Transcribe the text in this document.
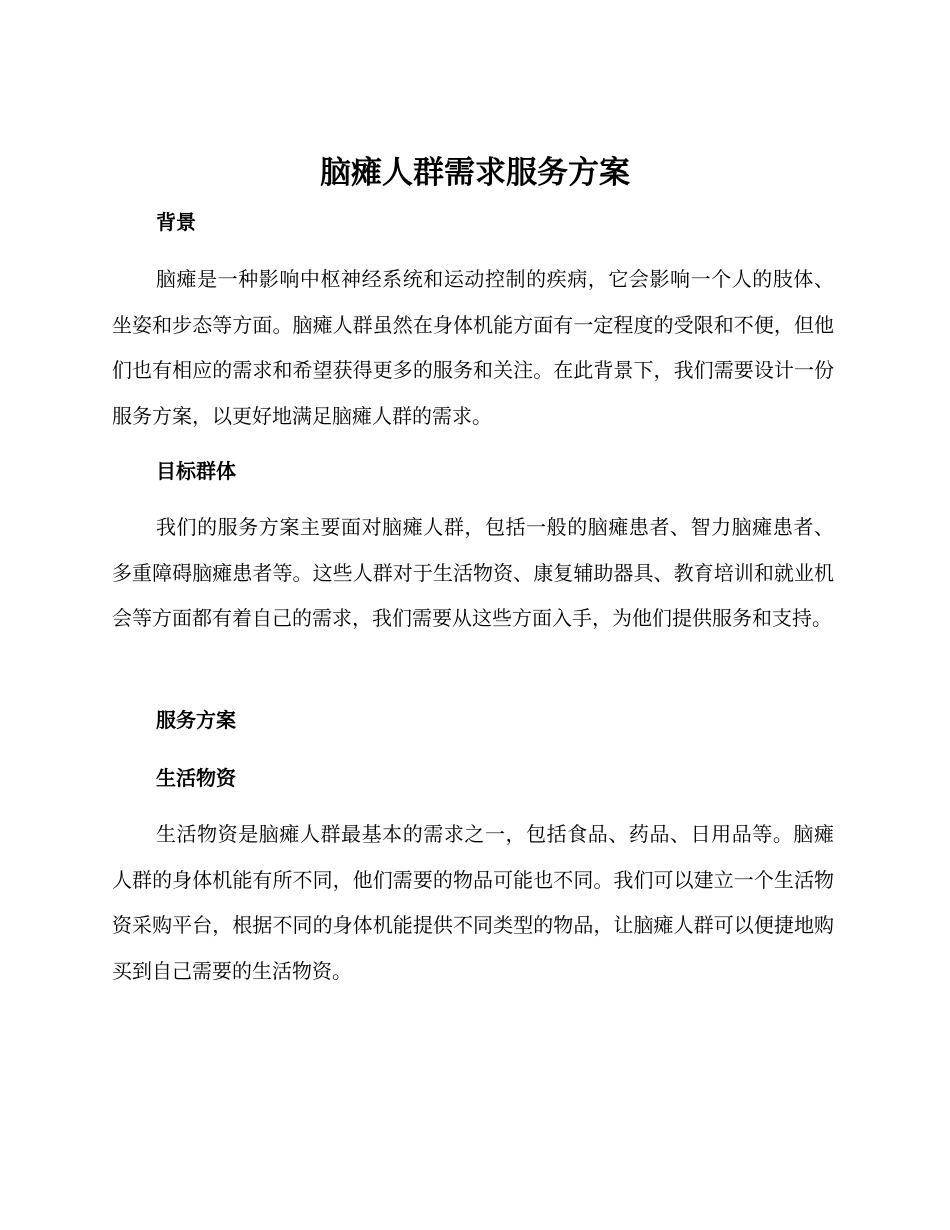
脑瘫人群需求服务方案
背景

脑瘫是一种影响中枢神经系统和运动控制的疾病，它会影响一个人的肢体、坐姿和步态等方面。脑瘫人群虽然在身体机能方面有一定程度的受限和不便，但他们也有相应的需求和希望获得更多的服务和关注。在此背景下，我们需要设计一份服务方案，以更好地满足脑瘫人群的需求。

目标群体

我们的服务方案主要面对脑瘫人群，包括一般的脑瘫患者、智力脑瘫患者、多重障碍脑瘫患者等。这些人群对于生活物资、康复辅助器具、教育培训和就业机会等方面都有着自己的需求，我们需要从这些方面入手，为他们提供服务和支持。

服务方案
生活物资

生活物资是脑瘫人群最基本的需求之一，包括食品、药品、日用品等。脑瘫人群的身体机能有所不同，他们需要的物品可能也不同。我们可以建立一个生活物资采购平台，根据不同的身体机能提供不同类型的物品，让脑瘫人群可以便捷地购买到自己需要的生活物资。
